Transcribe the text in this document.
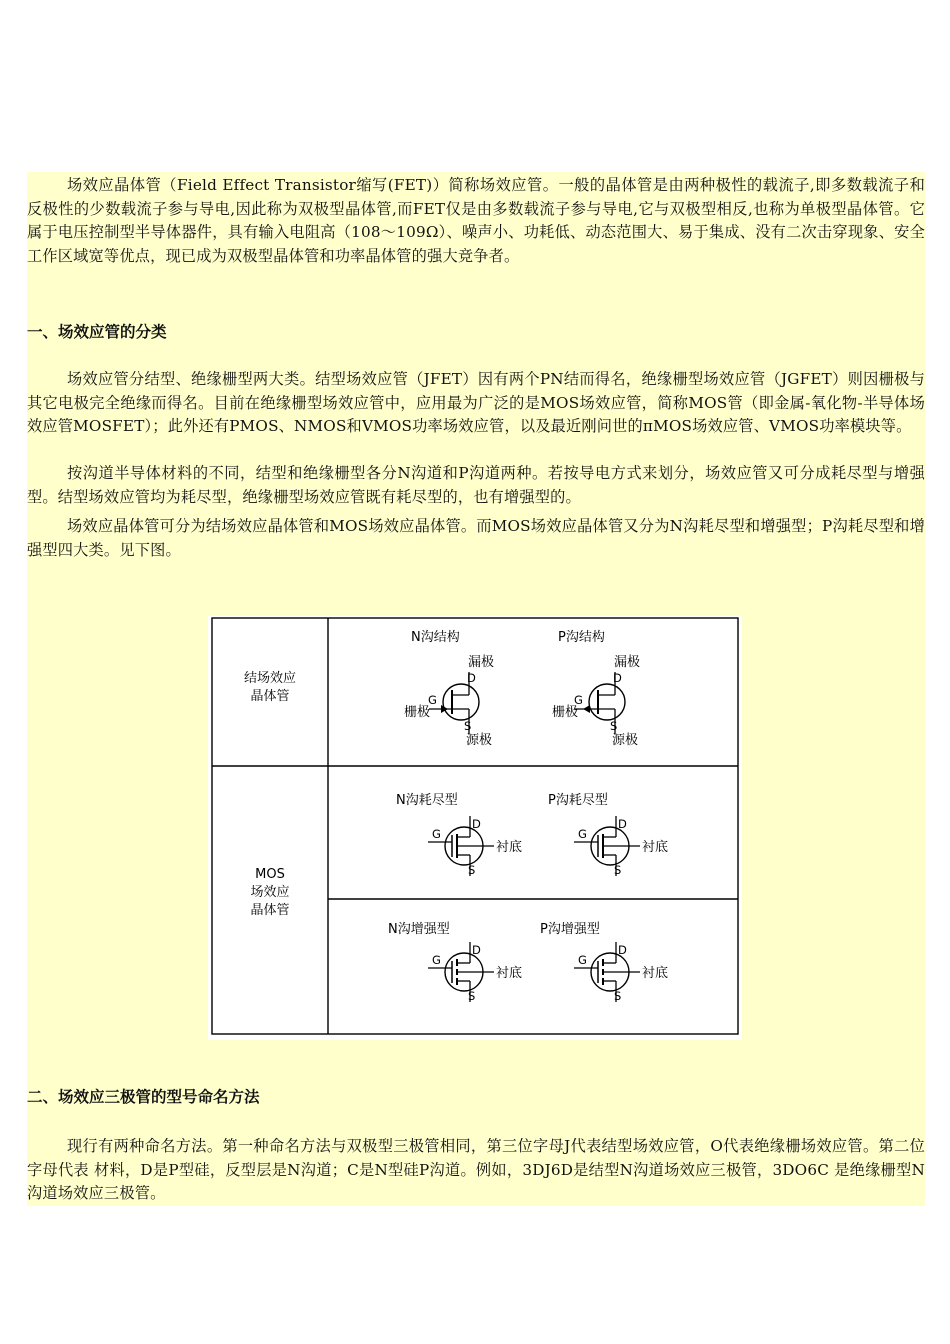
场效应晶体管（Field Effect Transistor缩写(FET)）简称场效应管。一般的晶体管是由两种极性的载流子,即多数载流子和反极性的少数载流子参与导电,因此称为双极型晶体管,而FET仅是由多数载流子参与导电,它与双极型相反,也称为单极型晶体管。它属于电压控制型半导体器件，具有输入电阻高（108～109Ω）、噪声小、功耗低、动态范围大、易于集成、没有二次击穿现象、安全工作区域宽等优点，现已成为双极型晶体管和功率晶体管的强大竞争者。

一、场效应管的分类

场效应管分结型、绝缘栅型两大类。结型场效应管（JFET）因有两个PN结而得名，绝缘栅型场效应管（JGFET）则因栅极与其它电极完全绝缘而得名。目前在绝缘栅型场效应管中，应用最为广泛的是MOS场效应管，简称MOS管（即金属-氧化物-半导体场效应管MOSFET）；此外还有PMOS、NMOS和VMOS功率场效应管，以及最近刚问世的πMOS场效应管、VMOS功率模块等。

按沟道半导体材料的不同，结型和绝缘栅型各分N沟道和P沟道两种。若按导电方式来划分，场效应管又可分成耗尽型与增强型。结型场效应管均为耗尽型，绝缘栅型场效应管既有耗尽型的，也有增强型的。

场效应晶体管可分为结场效应晶体管和MOS场效应晶体管。而MOS场效应晶体管又分为N沟耗尽型和增强型；P沟耗尽型和增强型四大类。见下图。

结场效应
晶体管
MOS
场效应
晶体管
N沟结构
漏极
D
G
栅极
S
源极
P沟结构
漏极
D
G
栅极
S
源极
N沟耗尽型
G
D
S
衬底
P沟耗尽型
G
D
S
衬底
N沟增强型
G
D
S
衬底
P沟增强型
G
D
S
衬底
二、场效应三极管的型号命名方法

现行有两种命名方法。第一种命名方法与双极型三极管相同，第三位字母J代表结型场效应管，O代表绝缘栅场效应管。第二位字母代表 材料，D是P型硅，反型层是N沟道；C是N型硅P沟道。例如，3DJ6D是结型N沟道场效应三极管，3DO6C 是绝缘栅型N沟道场效应三极管。
